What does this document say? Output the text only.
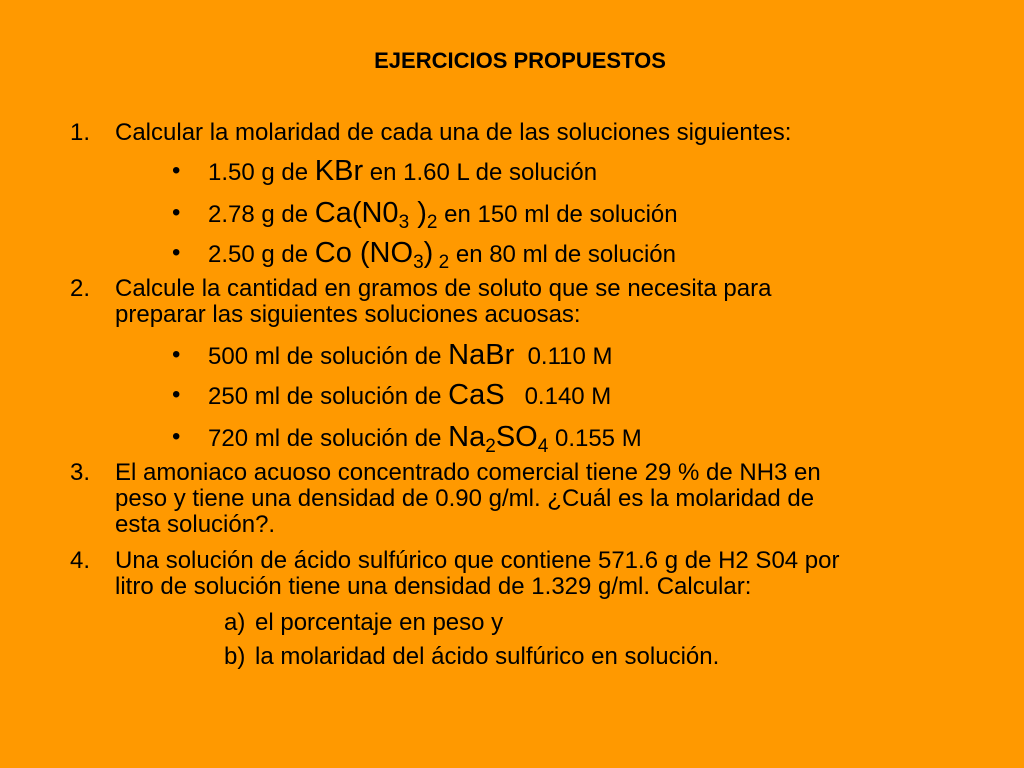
EJERCICIOS PROPUESTOS
1. Calcular la molaridad de cada una de las soluciones siguientes:
• 1.50 g de KBr en 1.60 L de solución
• 2.78 g de $Ca(N0_3$ )$_2$ en 150 ml de solución
• 2.50 g de Co $(NO_3)$ $_2$ en 80 ml de solución
2. Calcule la cantidad en gramos de soluto que se necesita para
preparar las siguientes soluciones acuosas:
• 500 ml de solución de NaBr  0.110 M
• 250 ml de solución de CaS   0.140 M
• 720 ml de solución de $Na_2SO_4$ 0.155 M
3. El amoniaco acuoso concentrado comercial tiene 29 % de NH3 en
peso y tiene una densidad de 0.90 g/ml. ¿Cuál es la molaridad de
esta solución?.
4. Una solución de ácido sulfúrico que contiene 571.6 g de H2 S04 por
litro de solución tiene una densidad de 1.329 g/ml. Calcular:
a) el porcentaje en peso y
b) la molaridad del ácido sulfúrico en solución.
